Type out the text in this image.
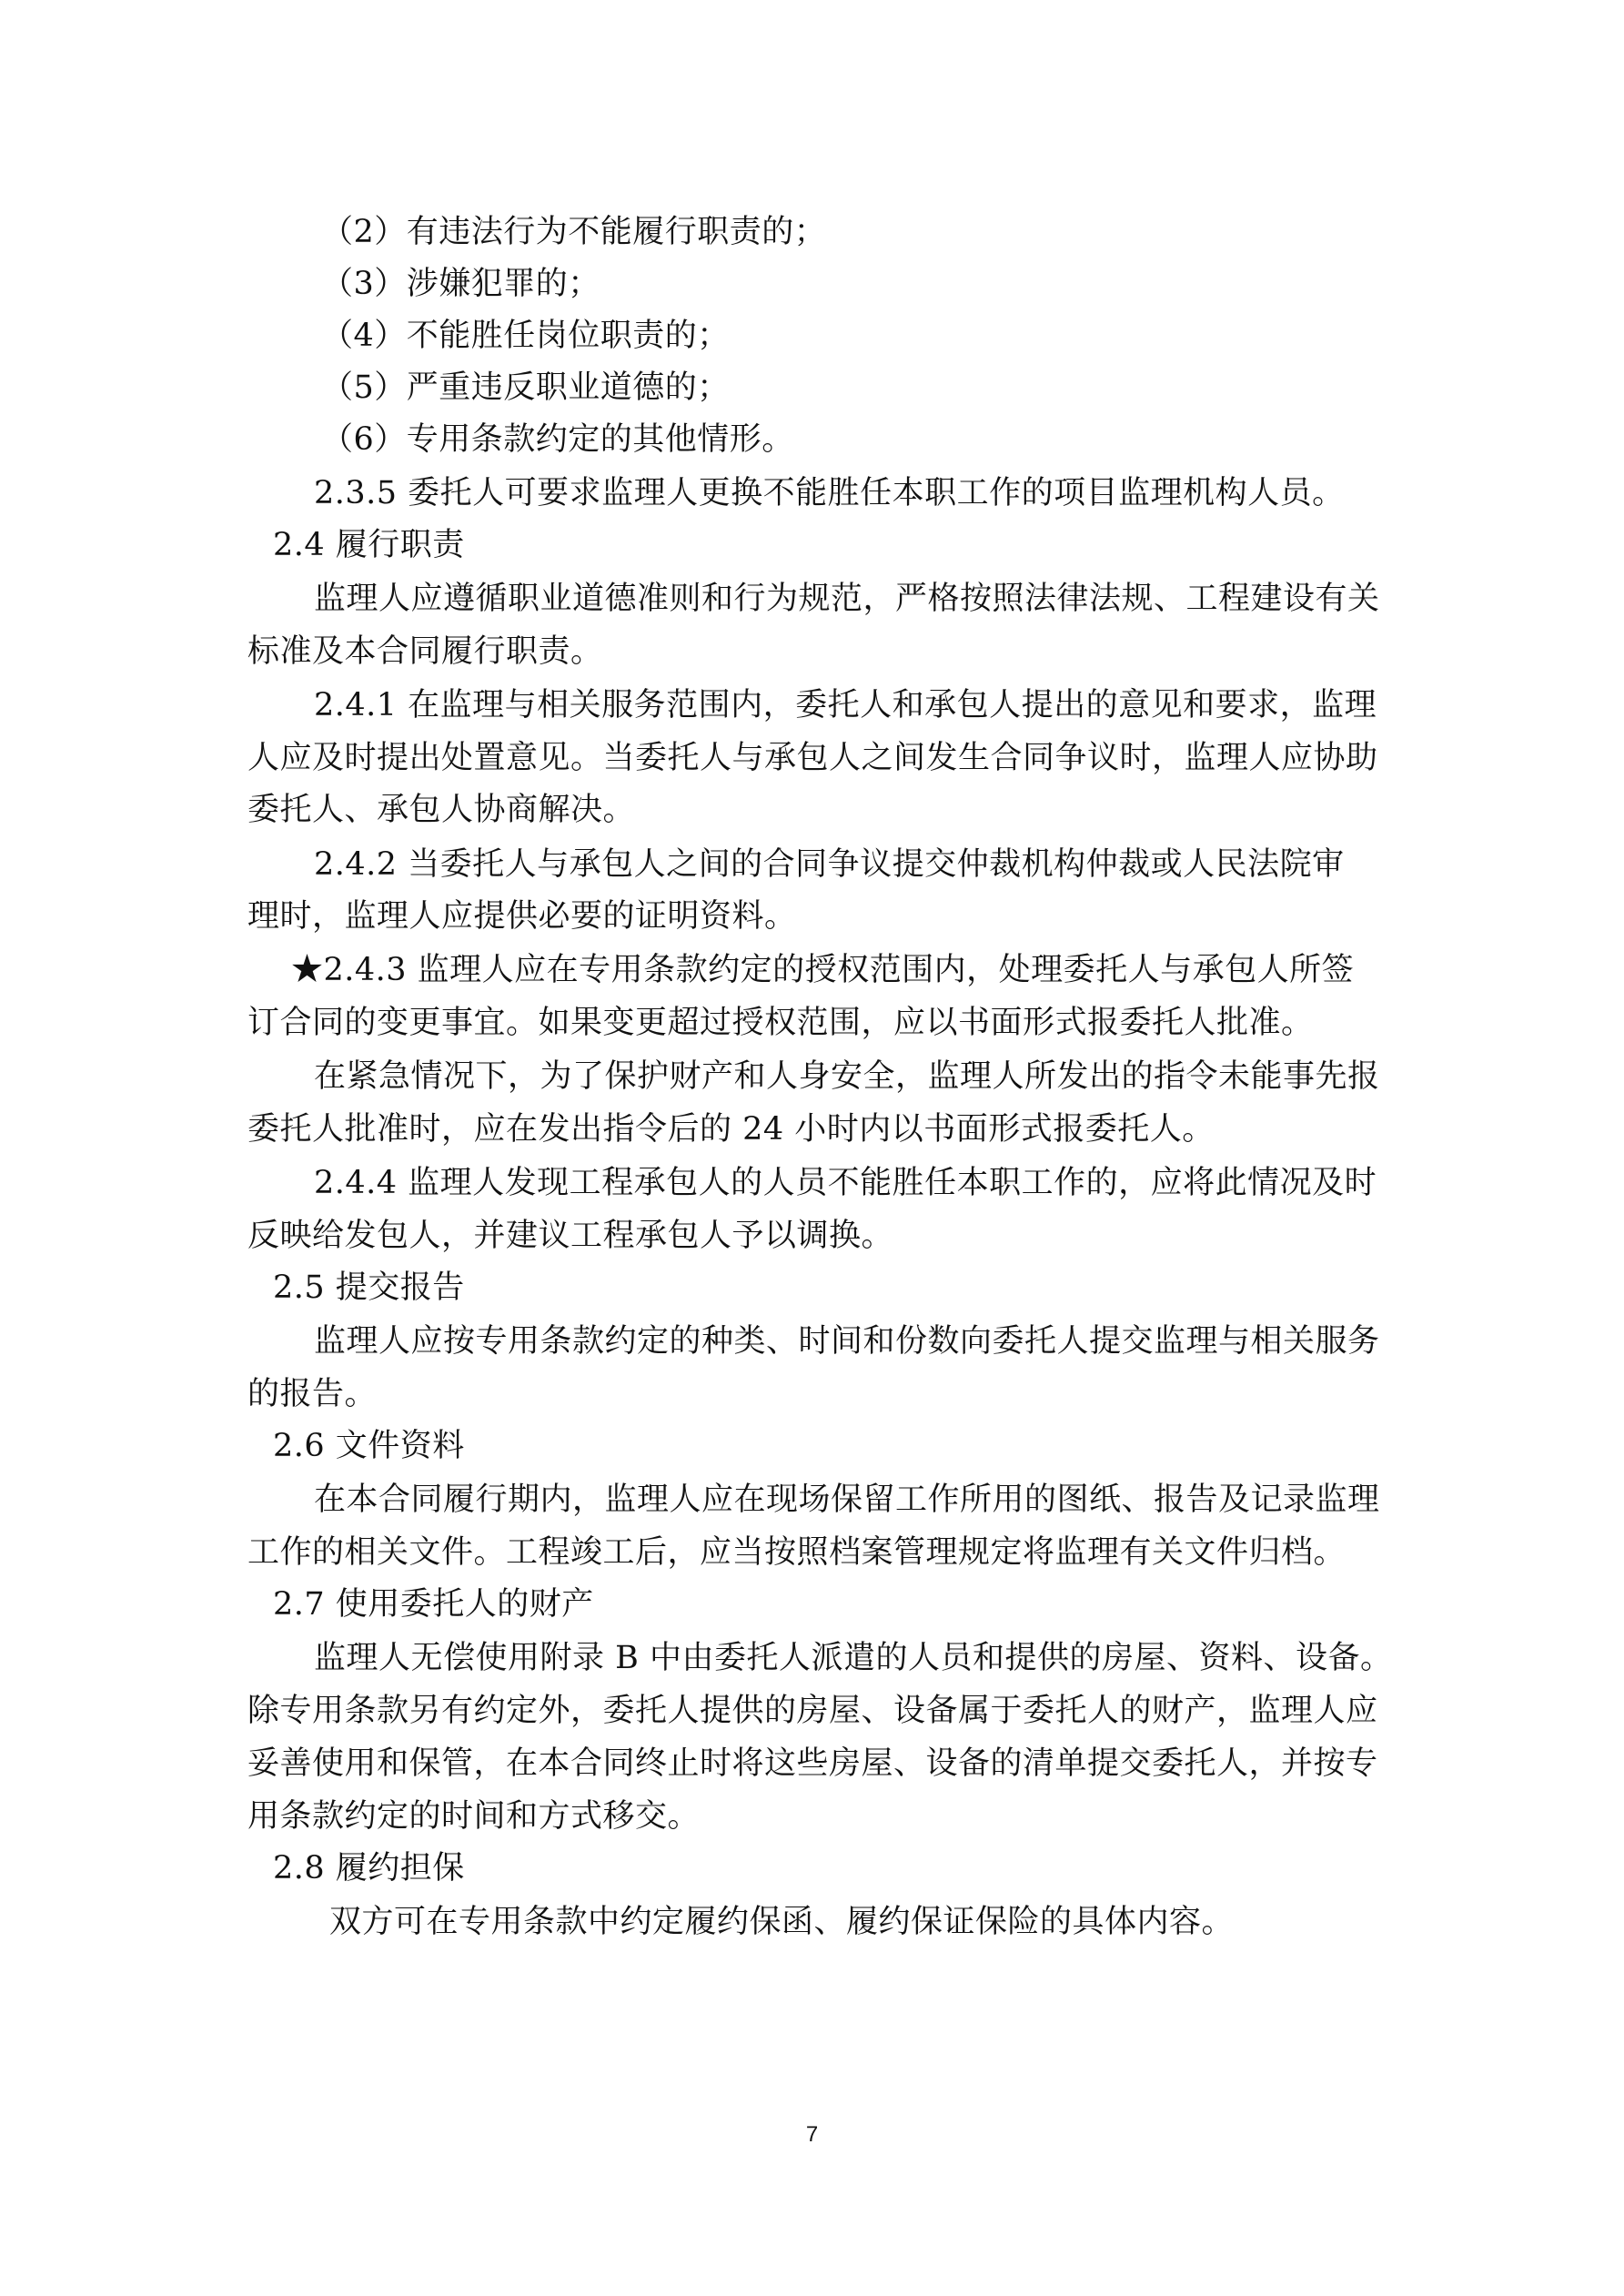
（2）有违法行为不能履行职责的；
（3）涉嫌犯罪的；
（4）不能胜任岗位职责的；
（5）严重违反职业道德的；
（6）专用条款约定的其他情形。
2.3.5 委托人可要求监理人更换不能胜任本职工作的项目监理机构人员。
2.4 履行职责
监理人应遵循职业道德准则和行为规范，严格按照法律法规、工程建设有关
标准及本合同履行职责。
2.4.1 在监理与相关服务范围内，委托人和承包人提出的意见和要求，监理
人应及时提出处置意见。当委托人与承包人之间发生合同争议时，监理人应协助
委托人、承包人协商解决。
2.4.2 当委托人与承包人之间的合同争议提交仲裁机构仲裁或人民法院审
理时，监理人应提供必要的证明资料。
★2.4.3 监理人应在专用条款约定的授权范围内，处理委托人与承包人所签
订合同的变更事宜。如果变更超过授权范围，应以书面形式报委托人批准。
在紧急情况下，为了保护财产和人身安全，监理人所发出的指令未能事先报
委托人批准时，应在发出指令后的 24 小时内以书面形式报委托人。
2.4.4 监理人发现工程承包人的人员不能胜任本职工作的，应将此情况及时
反映给发包人，并建议工程承包人予以调换。
2.5 提交报告
监理人应按专用条款约定的种类、时间和份数向委托人提交监理与相关服务
的报告。
2.6 文件资料
在本合同履行期内，监理人应在现场保留工作所用的图纸、报告及记录监理
工作的相关文件。工程竣工后，应当按照档案管理规定将监理有关文件归档。
2.7 使用委托人的财产
监理人无偿使用附录 B 中由委托人派遣的人员和提供的房屋、资料、设备。
除专用条款另有约定外，委托人提供的房屋、设备属于委托人的财产，监理人应
妥善使用和保管，在本合同终止时将这些房屋、设备的清单提交委托人，并按专
用条款约定的时间和方式移交。
2.8 履约担保
双方可在专用条款中约定履约保函、履约保证保险的具体内容。
7
